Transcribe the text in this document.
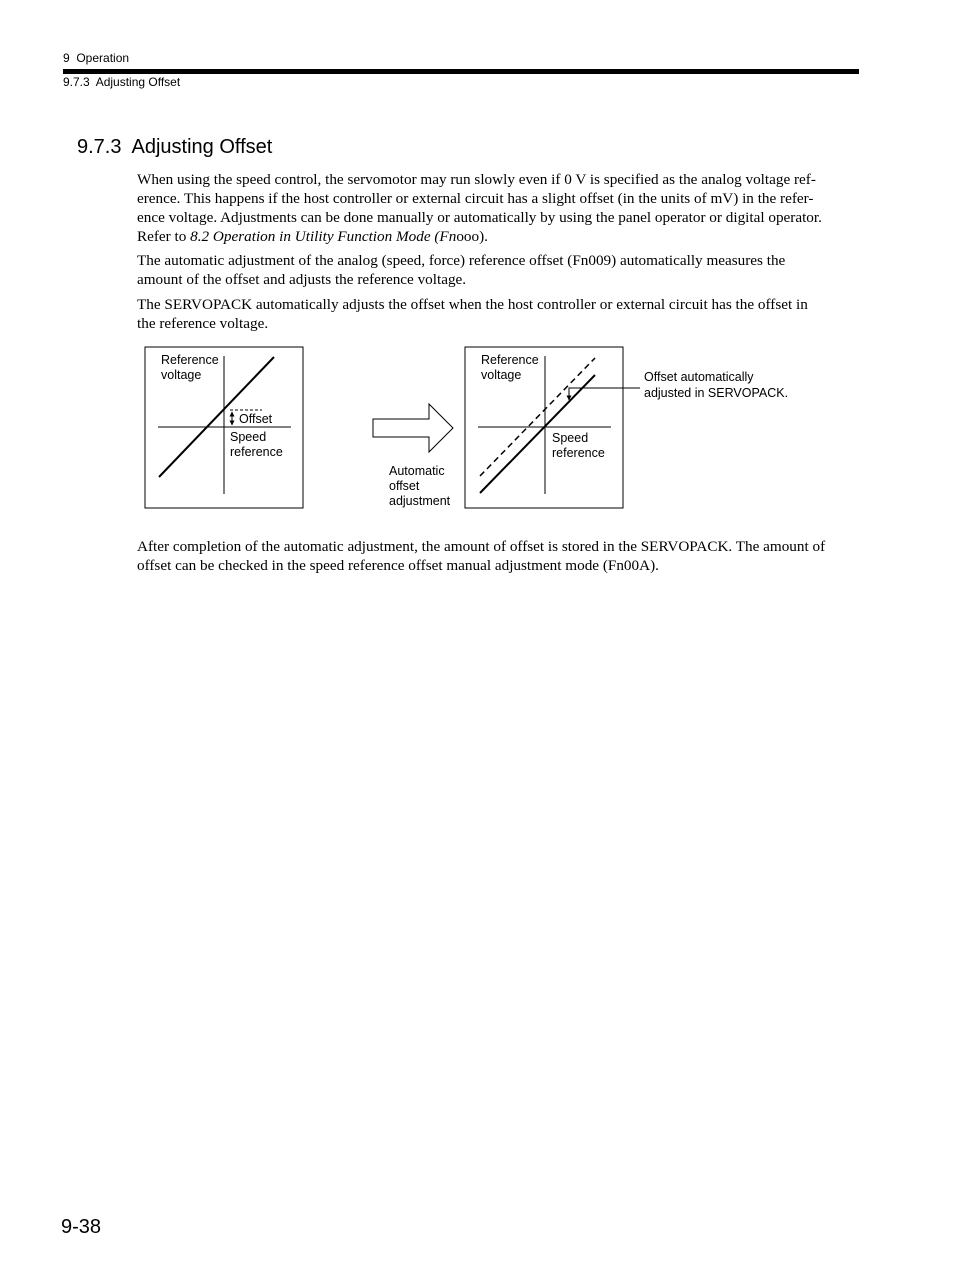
9  Operation
9.7.3  Adjusting Offset
9.7.3  Adjusting Offset
When using the speed control, the servomotor may run slowly even if 0 V is specified as the analog voltage ref-
erence. This happens if the host controller or external circuit has a slight offset (in the units of mV) in the refer-
ence voltage. Adjustments can be done manually or automatically by using the panel operator or digital operator.
Refer to 8.2 Operation in Utility Function Mode (Fnooo).
The automatic adjustment of the analog (speed, force) reference offset (Fn009) automatically measures the
amount of the offset and adjusts the reference voltage.
The SERVOPACK automatically adjusts the offset when the host controller or external circuit has the offset in
the reference voltage.
Reference
voltage
Offset
Speed
reference
Automatic
offset
adjustment
Reference
voltage
Speed
reference
Offset automatically
adjusted in SERVOPACK.
After completion of the automatic adjustment, the amount of offset is stored in the SERVOPACK. The amount of
offset can be checked in the speed reference offset manual adjustment mode (Fn00A).
9-38
